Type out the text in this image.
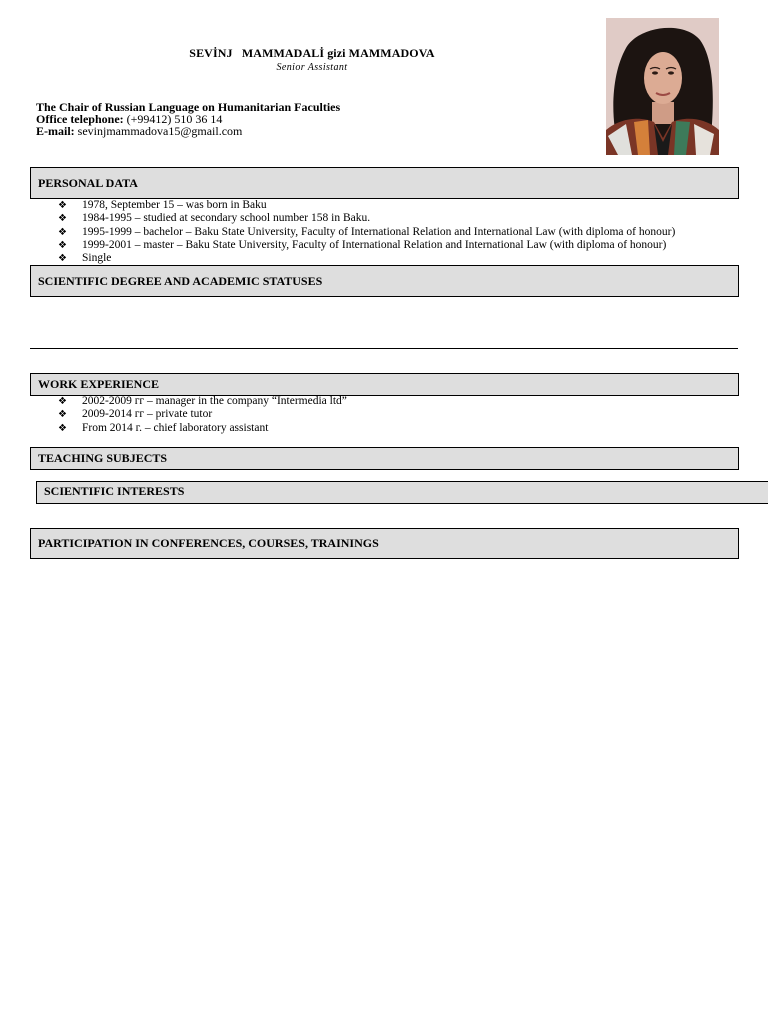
SEVİNJ   MAMMADALİ gizi MAMMADOVA
Senior Assistant
The Chair of Russian Language on Humanitarian Faculties
Office telephone: (+99412) 510 36 14
E-mail: sevinjmammadova15@gmail.com
PERSONAL DATA
❖ 1978, September 15 – was born in Baku
❖ 1984-1995 – studied at secondary school number 158 in Baku.
❖ 1995-1999 – bachelor – Baku State University, Faculty of International Relation and International Law (with diploma of honour)
❖ 1999-2001 – master – Baku State University, Faculty of International Relation and International Law (with diploma of honour)
❖ Single
SCIENTIFIC DEGREE AND ACADEMIC STATUSES
WORK EXPERIENCE
❖ 2002-2009 гг – manager in the company “Intermedia ltd”
❖ 2009-2014 гг – private tutor
❖ From 2014 г. – chief laboratory assistant
TEACHING SUBJECTS
SCIENTIFIC INTERESTS
PARTICIPATION IN CONFERENCES, COURSES, TRAININGS
